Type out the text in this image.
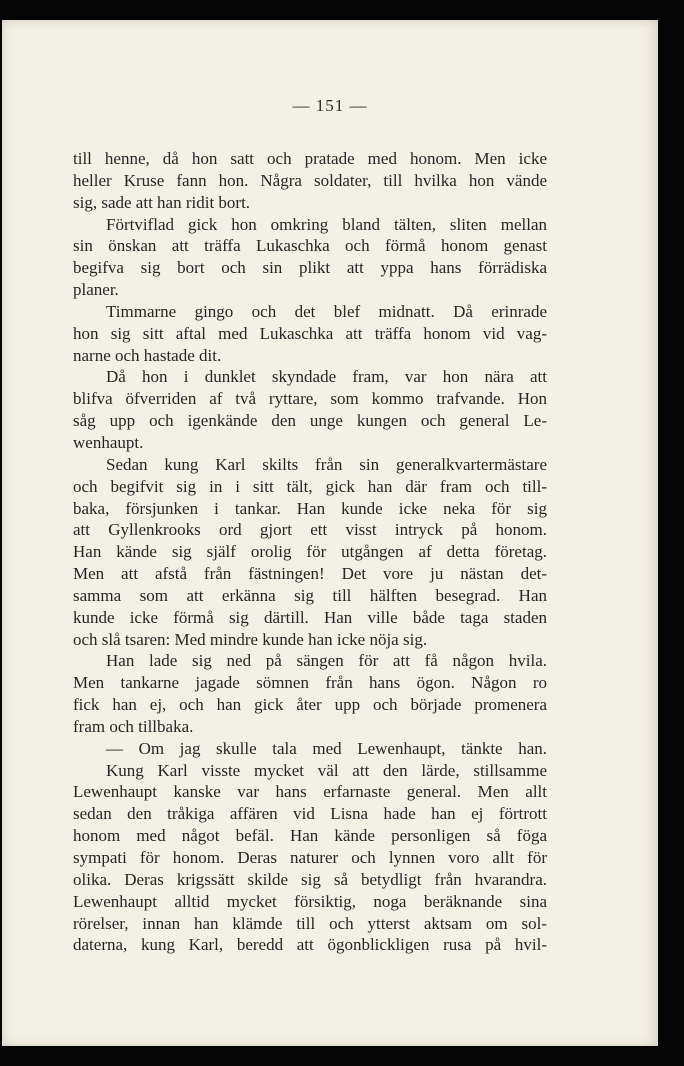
— 151 —
till henne, då hon satt och pratade med honom. Men icke
heller Kruse fann hon. Några soldater, till hvilka hon vände
sig, sade att han ridit bort.
Förtviflad gick hon omkring bland tälten, sliten mellan
sin önskan att träffa Lukaschka och förmå honom genast
begifva sig bort och sin plikt att yppa hans förrädiska
planer.
Timmarne gingo och det blef midnatt. Då erinrade
hon sig sitt aftal med Lukaschka att träffa honom vid vag-
narne och hastade dit.
Då hon i dunklet skyndade fram, var hon nära att
blifva öfverriden af två ryttare, som kommo trafvande. Hon
såg upp och igenkände den unge kungen och general Le-
wenhaupt.
Sedan kung Karl skilts från sin generalkvartermästare
och begifvit sig in i sitt tält, gick han där fram och till-
baka, försjunken i tankar. Han kunde icke neka för sig
att Gyllenkrooks ord gjort ett visst intryck på honom.
Han kände sig själf orolig för utgången af detta företag.
Men att afstå från fästningen! Det vore ju nästan det-
samma som att erkänna sig till hälften besegrad. Han
kunde icke förmå sig därtill. Han ville både taga staden
och slå tsaren: Med mindre kunde han icke nöja sig.
Han lade sig ned på sängen för att få någon hvila.
Men tankarne jagade sömnen från hans ögon. Någon ro
fick han ej, och han gick åter upp och började promenera
fram och tillbaka.
— Om jag skulle tala med Lewenhaupt, tänkte han.
Kung Karl visste mycket väl att den lärde, stillsamme
Lewenhaupt kanske var hans erfarnaste general. Men allt
sedan den tråkiga affären vid Lisna hade han ej förtrott
honom med något befäl. Han kände personligen så föga
sympati för honom. Deras naturer och lynnen voro allt för
olika. Deras krigssätt skilde sig så betydligt från hvarandra.
Lewenhaupt alltid mycket försiktig, noga beräknande sina
rörelser, innan han klämde till och ytterst aktsam om sol-
daterna, kung Karl, beredd att ögonblickligen rusa på hvil-
